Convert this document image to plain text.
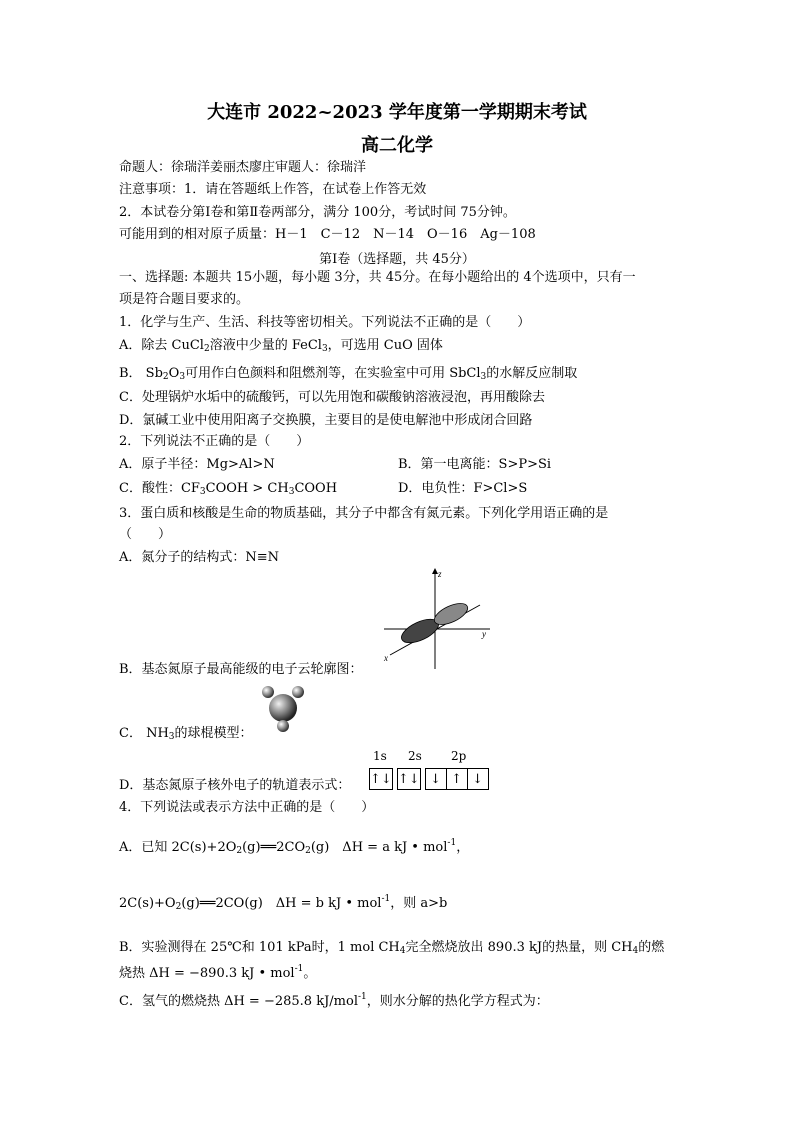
大连市 2022~2023 学年度第一学期期末考试
高二化学
命题人：徐瑞洋姜丽杰廖庄审题人：徐瑞洋
注意事项：1．请在答题纸上作答，在试卷上作答无效
2．本试卷分第Ⅰ卷和第Ⅱ卷两部分，满分 100分，考试时间 75分钟。
可能用到的相对原子质量：H－1　C－12　N－14　O－16　Ag－108
第Ⅰ卷（选择题，共 45分）
一、选择题: 本题共 15小题，每小题 3分，共 45分。在每小题给出的 4个选项中，只有一
项是符合题目要求的。
1．化学与生产、生活、科技等密切相关。下列说法不正确的是（　　）
A．除去 CuCl$_2$溶液中少量的 FeCl$_3$，可选用 CuO 固体
B． $Sb_2O_3$可用作白色颜料和阻燃剂等，在实验室中可用 SbCl$_3$的水解反应制取
C．处理锅炉水垢中的硫酸钙，可以先用饱和碳酸钠溶液浸泡，再用酸除去
D．氯碱工业中使用阳离子交换膜，主要目的是使电解池中形成闭合回路
2．下列说法不正确的是（　　）
A．原子半径：Mg>Al>N	B．第一电离能：S>P>Si
C．酸性：$CF_3COOH$ > $CH_3COOH$	D．电负性：F>Cl>S
3．蛋白质和核酸是生命的物质基础，其分子中都含有氮元素。下列化学用语正确的是
（　　）
A．氮分子的结构式：N≡N
z
y
x
B．基态氮原子最高能级的电子云轮廓图：
C． $NH_3$的球棍模型：
1s 2s 2p
↑↓		↑↓		↓	↑	↓
D．基态氮原子核外电子的轨道表示式：
4．下列说法或表示方法中正确的是（　　）
A．已知 $2C(s)+2O_2(g)══2CO_2(g)$　ΔH = a kJ • mol$^{-1}$，
$2C(s)+O_2(g)══2CO(g)$　ΔH = b kJ • mol$^{-1}$，则 a>b
B．实验测得在 25℃和 101 kPa时，1 mol $CH_4$完全燃烧放出 890.3 kJ的热量，则 $CH_4$的燃
烧热 ΔH = −890.3 kJ • mol$^{-1}$。
C．氢气的燃烧热 ΔH = −285.8 kJ/mol$^{-1}$，则水分解的热化学方程式为：
